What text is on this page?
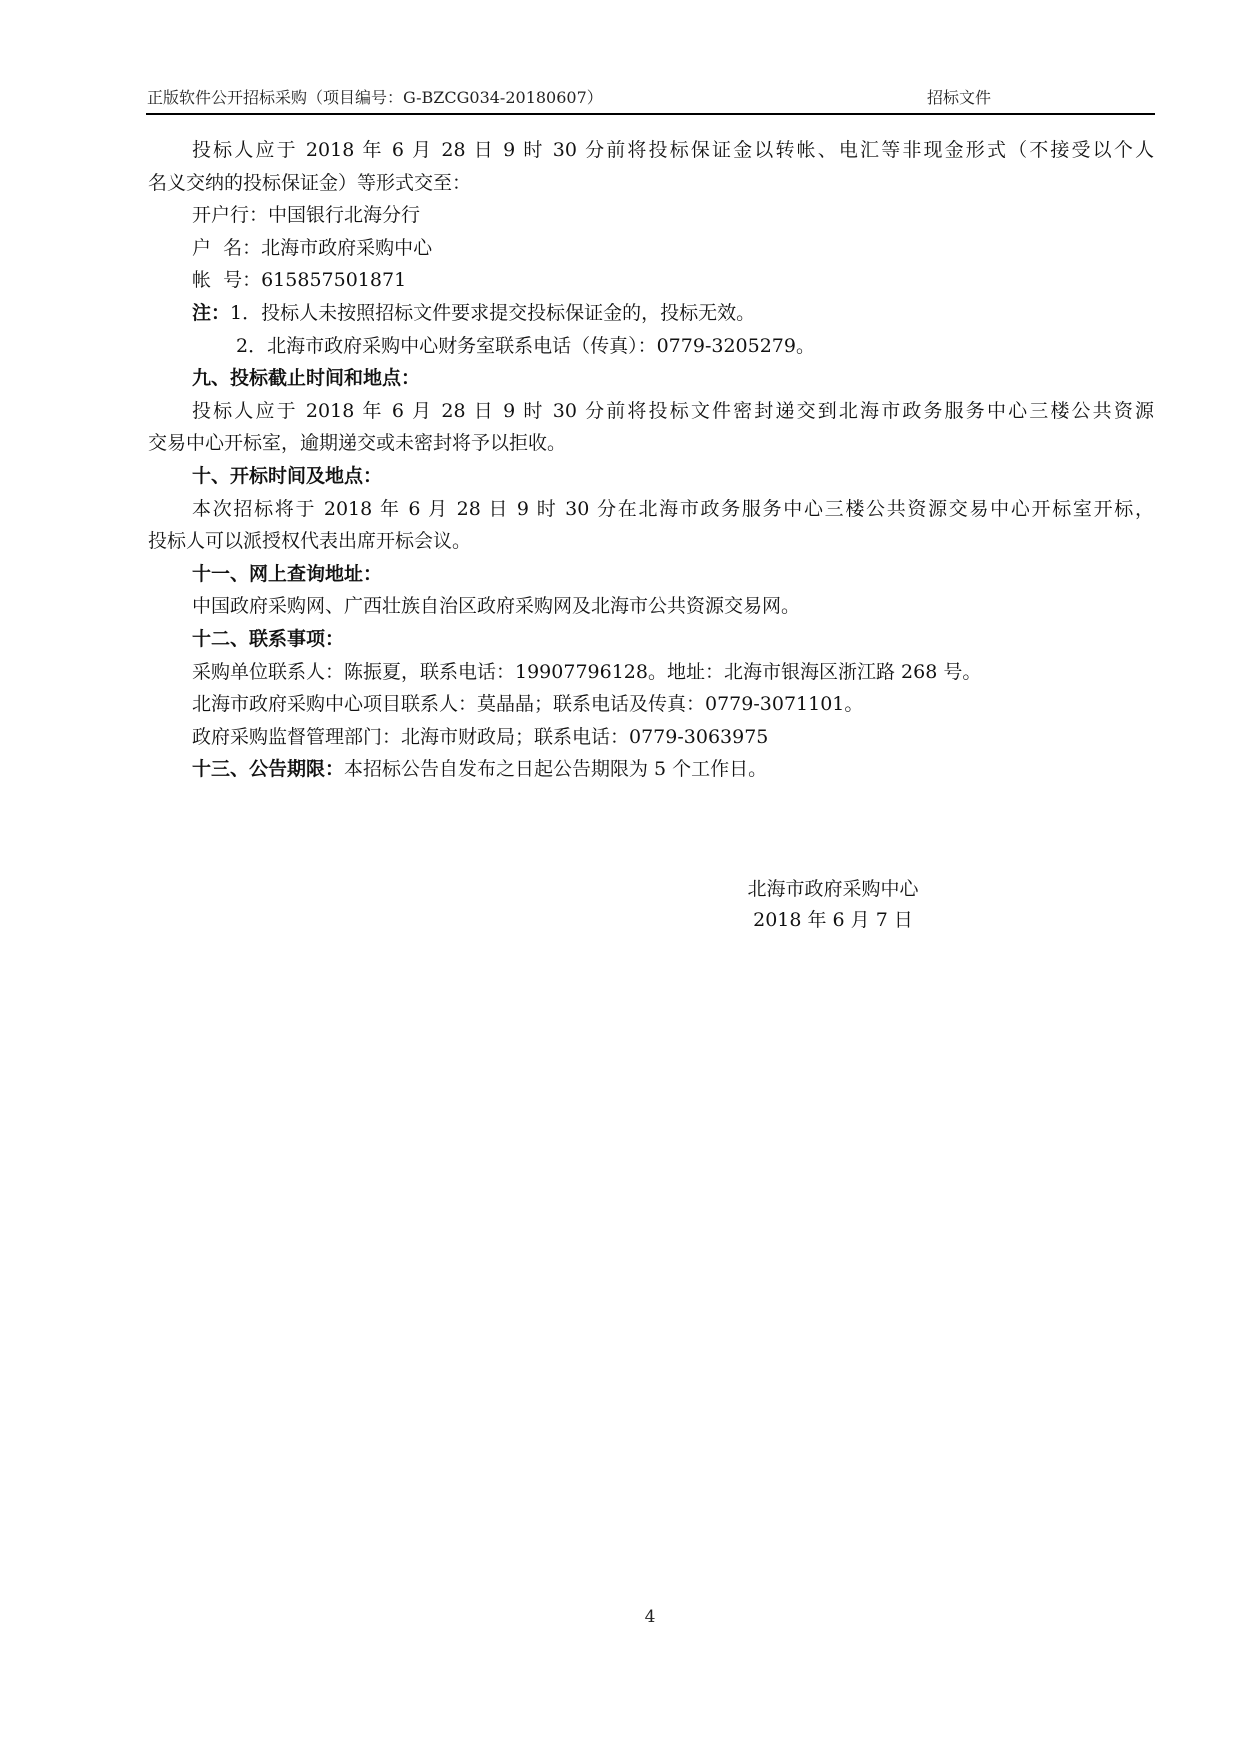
正版软件公开招标采购（项目编号：G-BZCG034-20180607）	招标文件
投标人应于 2018 年 6 月 28 日 9 时 30 分前将投标保证金以转帐、电汇等非现金形式（不接受以个人
名义交纳的投标保证金）等形式交至：
开户行：中国银行北海分行
户  名：北海市政府采购中心
帐  号：615857501871
注：1．投标人未按照招标文件要求提交投标保证金的，投标无效。
2．北海市政府采购中心财务室联系电话（传真）：0779-3205279。
九、投标截止时间和地点：
投标人应于 2018 年 6 月 28 日 9 时 30 分前将投标文件密封递交到北海市政务服务中心三楼公共资源
交易中心开标室，逾期递交或未密封将予以拒收。
十、开标时间及地点：
本次招标将于 2018 年 6 月 28 日 9 时 30 分在北海市政务服务中心三楼公共资源交易中心开标室开标，
投标人可以派授权代表出席开标会议。
十一、网上查询地址：
中国政府采购网、广西壮族自治区政府采购网及北海市公共资源交易网。
十二、联系事项：
采购单位联系人：陈振夏，联系电话：19907796128。地址：北海市银海区浙江路 268 号。
北海市政府采购中心项目联系人：莫晶晶；联系电话及传真：0779-3071101。
政府采购监督管理部门：北海市财政局；联系电话：0779-3063975
十三、公告期限：本招标公告自发布之日起公告期限为 5 个工作日。
北海市政府采购中心
2018 年 6 月 7 日
4
